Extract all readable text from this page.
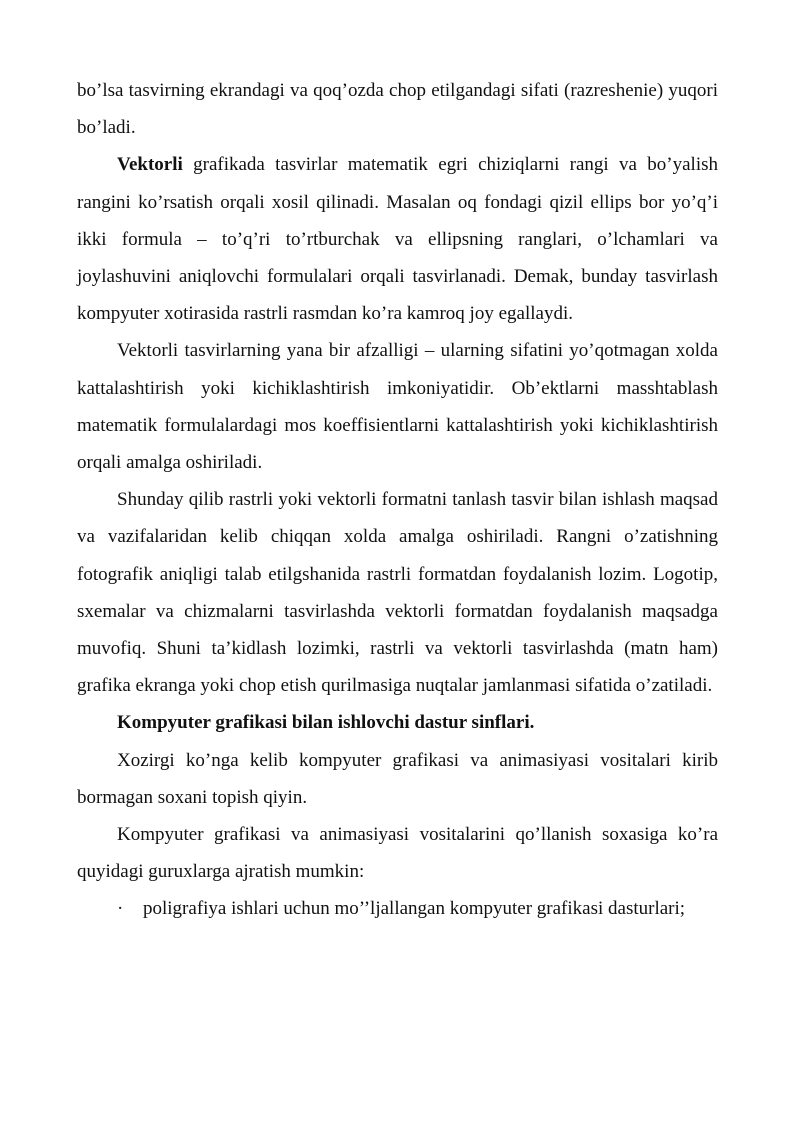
bo’lsa tasvirning ekrandagi va qoq’ozda chop etilgandagi sifati (razreshenie) yuqori bo’ladi.

Vektorli grafikada tasvirlar matematik egri chiziqlarni rangi va bo’yalish rangini ko’rsatish orqali xosil qilinadi. Masalan oq fondagi qizil ellips bor yo’q’i ikki formula – to’q’ri to’rtburchak va ellipsning ranglari, o’lchamlari va joylashuvini aniqlovchi formulalari orqali tasvirlanadi. Demak, bunday tasvirlash kompyuter xotirasida rastrli rasmdan ko’ra kamroq joy egallaydi.

Vektorli tasvirlarning yana bir afzalligi – ularning sifatini yo’qotmagan xolda kattalashtirish yoki kichiklashtirish imkoniyatidir. Ob’ektlarni masshtablash matematik formulalardagi mos koeffisientlarni kattalashtirish yoki kichiklashtirish orqali amalga oshiriladi.

Shunday qilib rastrli yoki vektorli formatni tanlash tasvir bilan ishlash maqsad va vazifalaridan kelib chiqqan xolda amalga oshiriladi. Rangni o’zatishning fotografik aniqligi talab etilgshanida rastrli formatdan foydalanish lozim. Logotip, sxemalar va chizmalarni tasvirlashda vektorli formatdan foydalanish maqsadga muvofiq. Shuni ta’kidlash lozimki, rastrli va vektorli tasvirlashda (matn ham) grafika ekranga yoki chop etish qurilmasiga nuqtalar jamlanmasi sifatida o’zatiladi.

Kompyuter grafikasi bilan ishlovchi dastur sinflari.

Xozirgi ko’nga kelib kompyuter grafikasi va animasiyasi vositalari kirib bormagan soxani topish qiyin.

Kompyuter grafikasi va animasiyasi vositalarini qo’llanish soxasiga ko’ra quyidagi guruxlarga ajratish mumkin:

· poligrafiya ishlari uchun mo’’ljallangan kompyuter grafikasi dasturlari;
